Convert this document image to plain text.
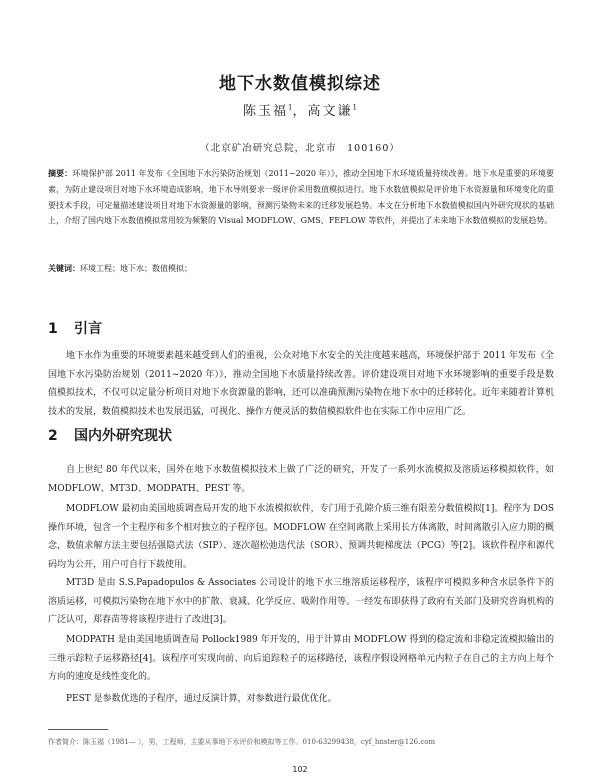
地下水数值模拟综述
陈玉福$^1$，高文谦$^1$
（北京矿冶研究总院，北京市　100160）

摘要：环境保护部 2011 年发布《全国地下水污染防治规划（2011~2020 年）》，推动全国地下水环境质量持续改善。地下水是重要的环境要素，为防止建设项目对地下水环境造成影响，地下水导则要求一级评价采用数值模拟进行。地下水数值模拟是评价地下水资源量和环境变化的重要技术手段，可定量描述建设项目对地下水资源量的影响，预测污染物未来的迁移发展趋势。本文在分析地下水数值模拟国内外研究现状的基础上，介绍了国内地下水数值模拟常用较为频繁的 Visual MODFLOW、GMS、FEFLOW 等软件，并提出了未来地下水数值模拟的发展趋势。

关键词：环境工程；地下水；数值模拟；

1 引言

地下水作为重要的环境要素越来越受到人们的重视，公众对地下水安全的关注度越来越高，环境保护部于 2011 年发布《全国地下水污染防治规划（2011~2020 年）》，推动全国地下水质量持续改善。评价建设项目对地下水环境影响的重要手段是数值模拟技术，不仅可以定量分析项目对地下水资源量的影响，还可以准确预测污染物在地下水中的迁移转化。近年来随着计算机技术的发展，数值模拟技术也发展迅猛，可视化、操作方便灵活的数值模拟软件也在实际工作中应用广泛。

2 国内外研究现状

自上世纪 80 年代以来，国外在地下水数值模拟技术上做了广泛的研究，开发了一系列水流模拟及溶质运移模拟软件，如 MODFLOW、MT3D、MODPATH、PEST 等。

MODFLOW 最初由美国地质调查局开发的地下水流模拟软件，专门用于孔隙介质三维有限差分数值模拟[1]。程序为 DOS 操作环境，包含一个主程序和多个相对独立的子程序包。MODFLOW 在空间离散上采用长方体离散，时间离散引入应力期的概念，数值求解方法主要包括强隐式法（SIP）、逐次超松弛迭代法（SOR）、预调共轭梯度法（PCG）等[2]。该软件程序和源代码均为公开，用户可自行下载使用。

MT3D 是由 S.S.Papadopulos & Associates 公司设计的地下水三维溶质运移程序，该程序可模拟多种含水层条件下的溶质运移，可模拟污染物在地下水中的扩散、衰减、化学反应、吸附作用等。一经发布即获得了政府有关部门及研究咨询机构的广泛认可，郑春苗等将该程序进行了改进[3]。

MODPATH 是由美国地质调查局 Pollock1989 年开发的，用于计算由 MODFLOW 得到的稳定流和非稳定流模拟输出的三维示踪粒子运移路径[4]。该程序可实现向前、向后追踪粒子的运移路径，该程序假设网格单元内粒子在自己的主方向上每个方向的速度是线性变化的。

PEST 是参数优选的子程序，通过反演计算，对参数进行最优优化。

作者简介：陈玉福（1981— ），男，工程师，主要从事地下水评价和模拟等工作。010-63299438，cyf_hnster@126.com

102
